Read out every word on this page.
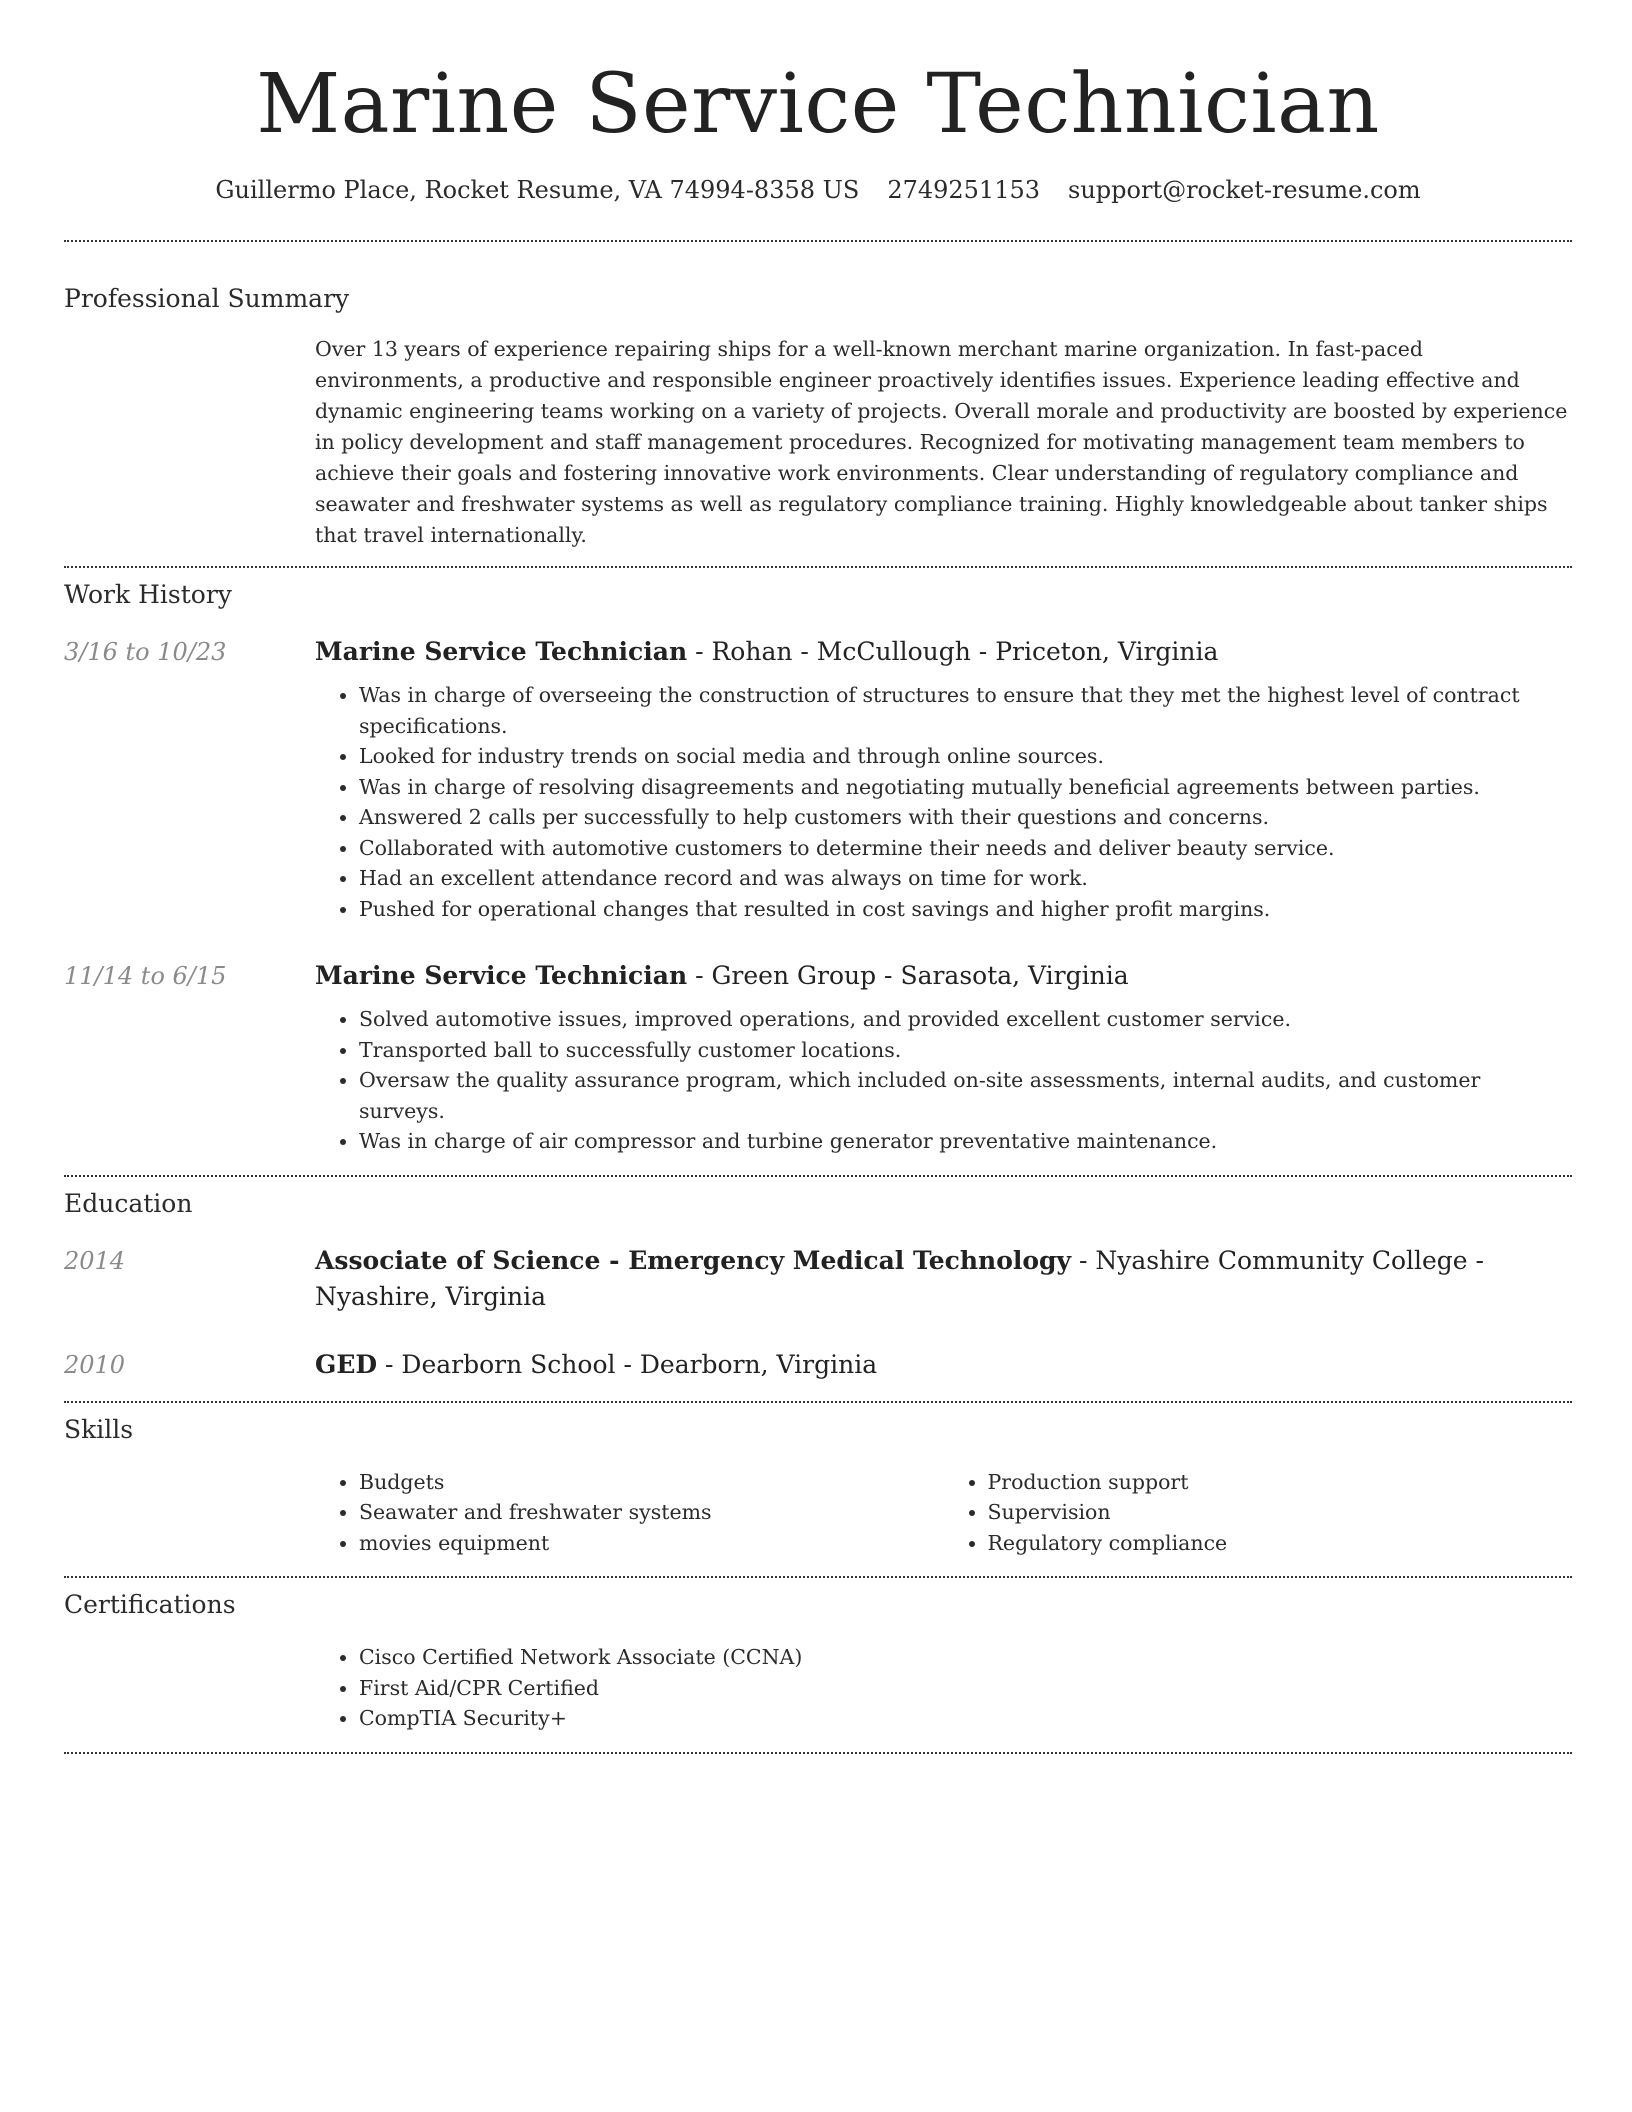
Marine Service Technician
Guillermo Place, Rocket Resume, VA 74994-8358 US 2749251153 support@rocket-resume.com
Professional Summary

Over 13 years of experience repairing ships for a well-known merchant marine organization. In fast-paced environments, a productive and responsible engineer proactively identifies issues. Experience leading effective and dynamic engineering teams working on a variety of projects. Overall morale and productivity are boosted by experience in policy development and staff management procedures. Recognized for motivating management team members to achieve their goals and fostering innovative work environments. Clear understanding of regulatory compliance and seawater and freshwater systems as well as regulatory compliance training. Highly knowledgeable about tanker ships that travel internationally.

Work History
3/16 to 10/23	Marine Service Technician - Rohan - McCullough - Priceton, Virginia
• Was in charge of overseeing the construction of structures to ensure that they met the highest level of contract specifications.
• Looked for industry trends on social media and through online sources.
• Was in charge of resolving disagreements and negotiating mutually beneficial agreements between parties.
• Answered 2 calls per successfully to help customers with their questions and concerns.
• Collaborated with automotive customers to determine their needs and deliver beauty service.
• Had an excellent attendance record and was always on time for work.
• Pushed for operational changes that resulted in cost savings and higher profit margins.
11/14 to 6/15	Marine Service Technician - Green Group - Sarasota, Virginia
• Solved automotive issues, improved operations, and provided excellent customer service.
• Transported ball to successfully customer locations.
• Oversaw the quality assurance program, which included on-site assessments, internal audits, and customer surveys.
• Was in charge of air compressor and turbine generator preventative maintenance.
Education
2014	Associate of Science - Emergency Medical Technology - Nyashire Community College - Nyashire, Virginia
2010	GED - Dearborn School - Dearborn, Virginia
Skills
• Budgets
• Seawater and freshwater systems
• movies equipment
• Production support
• Supervision
• Regulatory compliance
Certifications
• Cisco Certified Network Associate (CCNA)
• First Aid/CPR Certified
• CompTIA Security+
